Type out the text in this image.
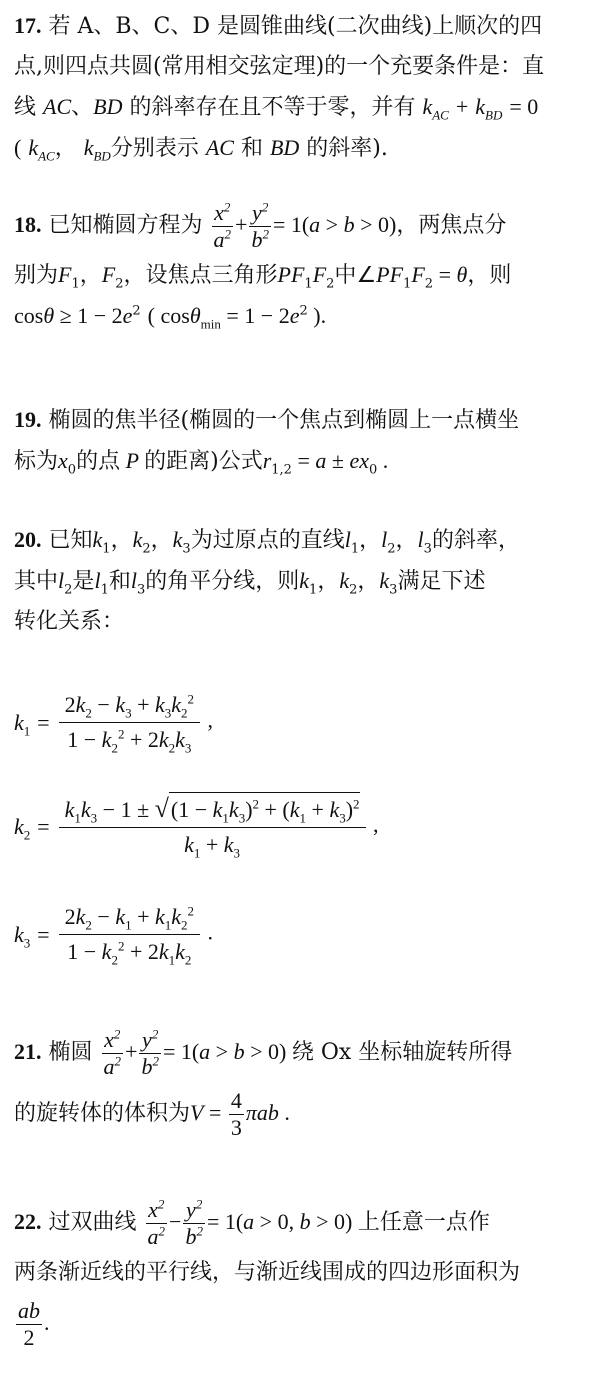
17. 若 A、B、C、D 是圆锥曲线(二次曲线)上顺次的四
点,则四点共圆(常用相交弦定理)的一个充要条件是：直
线 AC、BD 的斜率存在且不等于零，并有 $k_{AC} + k_{BD} = 0$
( $k_{AC}$， $k_{BD}$分别表示 AC 和 BD 的斜率).
18. 已知椭圆方程为 $\frac{x^2}{a^2} + \frac{y^2}{b^2} = 1(a > b > 0)$，两焦点分
别为$F_1$，$F_2$，设焦点三角形$PF_1F_2$中$\angle PF_1F_2 = \theta$，则
$\cos\theta \ge 1 - 2e^2$ ( $\cos\theta_{min} = 1 - 2e^2$ ).
19. 椭圆的焦半径(椭圆的一个焦点到椭圆上一点横坐
标为$x_0$的点 P 的距离)公式$r_{1,2} = a \pm ex_0$ .
20. 已知$k_1$，$k_2$，$k_3$为过原点的直线$l_1$，$l_2$，$l_3$的斜率，
其中$l_2$是$l_1$和$l_3$的角平分线，则$k_1$，$k_2$，$k_3$满足下述
转化关系：
$k_1 = \frac{2k_2 - k_3 + k_3k_2^2}{1 - k_2^2 + 2k_2k_3}$ ,
$k_2 = \frac{k_1k_3 - 1 \pm √(1 - k_1k_3)^2 + (k_1 + k_3)^2}{k_1 + k_3}$ ,
$k_3 = \frac{2k_2 - k_1 + k_1k_2^2}{1 - k_2^2 + 2k_1k_2}$ .
21. 椭圆 $\frac{x^2}{a^2} + \frac{y^2}{b^2} = 1(a > b > 0)$ 绕 Ox 坐标轴旋转所得
的旋转体的体积为$V = \frac{4}{3}$ πab .
22. 过双曲线 $\frac{x^2}{a^2} - \frac{y^2}{b^2} = 1(a > 0$, b > 0) 上任意一点作
两条渐近线的平行线，与渐近线围成的四边形面积为
$\frac{ab}{2}$ .
